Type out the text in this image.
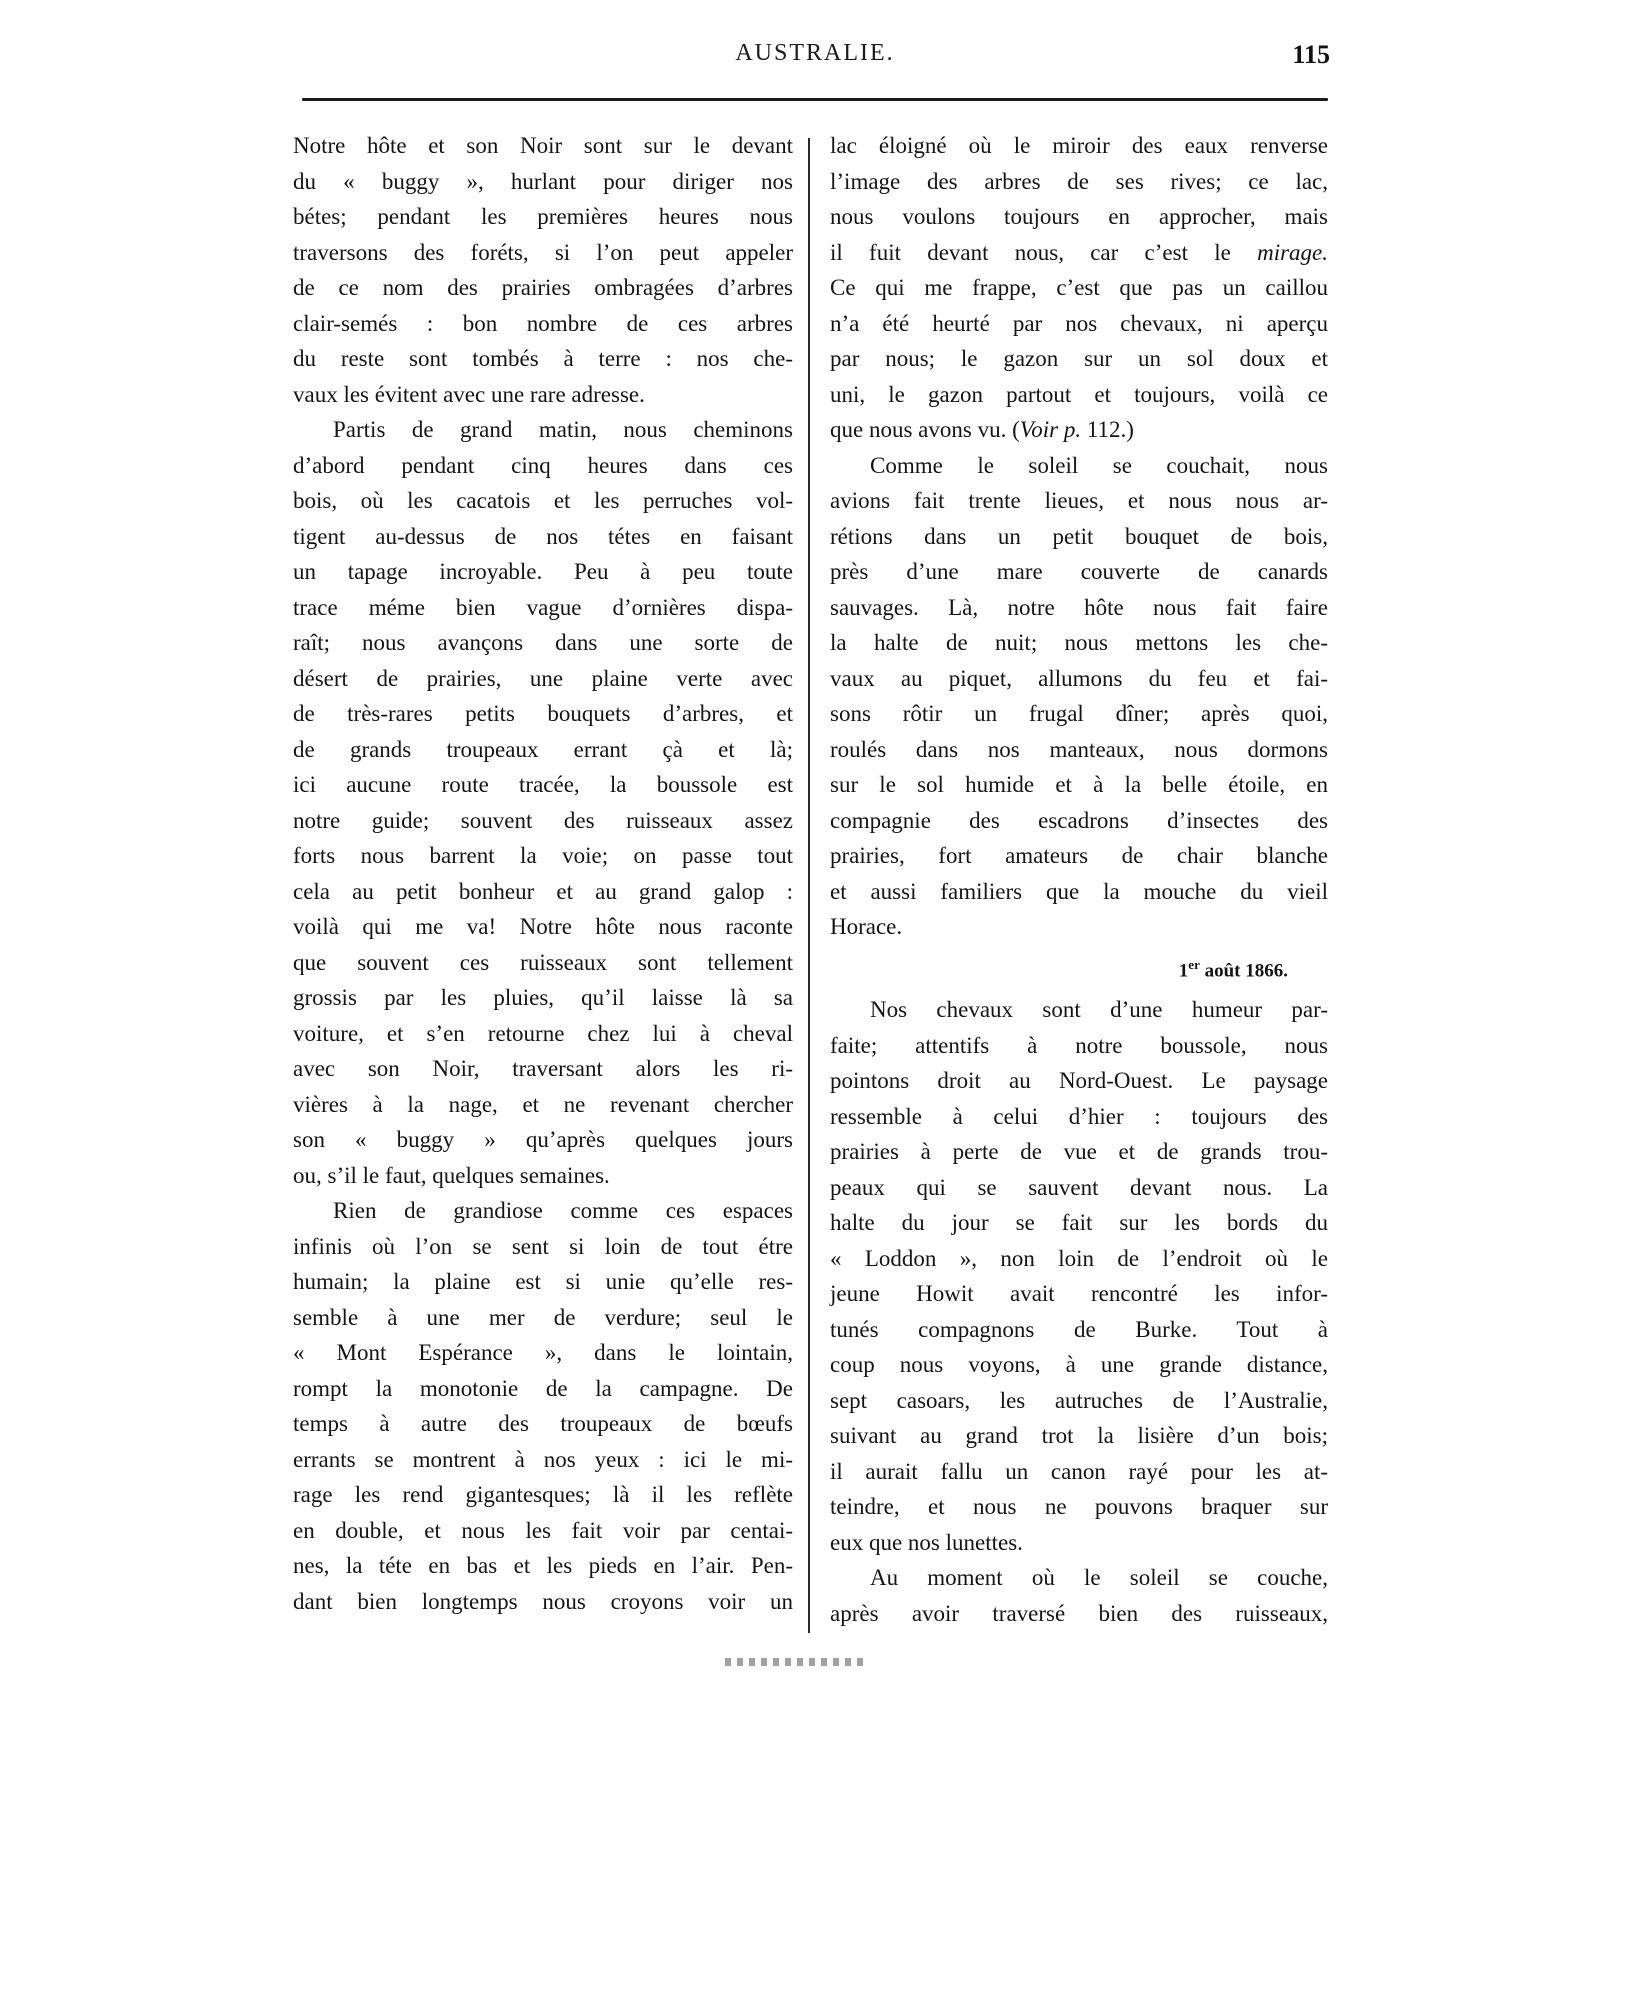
AUSTRALIE.	115
Notre hôte et son Noir sont sur le devant
du « buggy », hurlant pour diriger nos
bétes; pendant les premières heures nous
traversons des foréts, si l’on peut appeler
de ce nom des prairies ombragées d’arbres
clair-semés : bon nombre de ces arbres
du reste sont tombés à terre : nos che-
vaux les évitent avec une rare adresse.
Partis de grand matin, nous cheminons
d’abord pendant cinq heures dans ces
bois, où les cacatois et les perruches vol-
tigent au-dessus de nos tétes en faisant
un tapage incroyable. Peu à peu toute
trace méme bien vague d’ornières dispa-
raît; nous avançons dans une sorte de
désert de prairies, une plaine verte avec
de très-rares petits bouquets d’arbres, et
de grands troupeaux errant çà et là;
ici aucune route tracée, la boussole est
notre guide; souvent des ruisseaux assez
forts nous barrent la voie; on passe tout
cela au petit bonheur et au grand galop :
voilà qui me va! Notre hôte nous raconte
que souvent ces ruisseaux sont tellement
grossis par les pluies, qu’il laisse là sa
voiture, et s’en retourne chez lui à cheval
avec son Noir, traversant alors les ri-
vières à la nage, et ne revenant chercher
son « buggy » qu’après quelques jours
ou, s’il le faut, quelques semaines.
Rien de grandiose comme ces espaces
infinis où l’on se sent si loin de tout étre
humain; la plaine est si unie qu’elle res-
semble à une mer de verdure; seul le
« Mont Espérance », dans le lointain,
rompt la monotonie de la campagne. De
temps à autre des troupeaux de bœufs
errants se montrent à nos yeux : ici le mi-
rage les rend gigantesques; là il les reflète
en double, et nous les fait voir par centai-
nes, la téte en bas et les pieds en l’air. Pen-
dant bien longtemps nous croyons voir un
lac éloigné où le miroir des eaux renverse
l’image des arbres de ses rives; ce lac,
nous voulons toujours en approcher, mais
il fuit devant nous, car c’est le mirage.
Ce qui me frappe, c’est que pas un caillou
n’a été heurté par nos chevaux, ni aperçu
par nous; le gazon sur un sol doux et
uni, le gazon partout et toujours, voilà ce
que nous avons vu. (Voir p. 112.)
Comme le soleil se couchait, nous
avions fait trente lieues, et nous nous ar-
rétions dans un petit bouquet de bois,
près d’une mare couverte de canards
sauvages. Là, notre hôte nous fait faire
la halte de nuit; nous mettons les che-
vaux au piquet, allumons du feu et fai-
sons rôtir un frugal dîner; après quoi,
roulés dans nos manteaux, nous dormons
sur le sol humide et à la belle étoile, en
compagnie des escadrons d’insectes des
prairies, fort amateurs de chair blanche
et aussi familiers que la mouche du vieil
Horace.

1er août 1866.

Nos chevaux sont d’une humeur par-
faite; attentifs à notre boussole, nous
pointons droit au Nord-Ouest. Le paysage
ressemble à celui d’hier : toujours des
prairies à perte de vue et de grands trou-
peaux qui se sauvent devant nous. La
halte du jour se fait sur les bords du
« Loddon », non loin de l’endroit où le
jeune Howit avait rencontré les infor-
tunés compagnons de Burke. Tout à
coup nous voyons, à une grande distance,
sept casoars, les autruches de l’Australie,
suivant au grand trot la lisière d’un bois;
il aurait fallu un canon rayé pour les at-
teindre, et nous ne pouvons braquer sur
eux que nos lunettes.
Au moment où le soleil se couche,
après avoir traversé bien des ruisseaux,
